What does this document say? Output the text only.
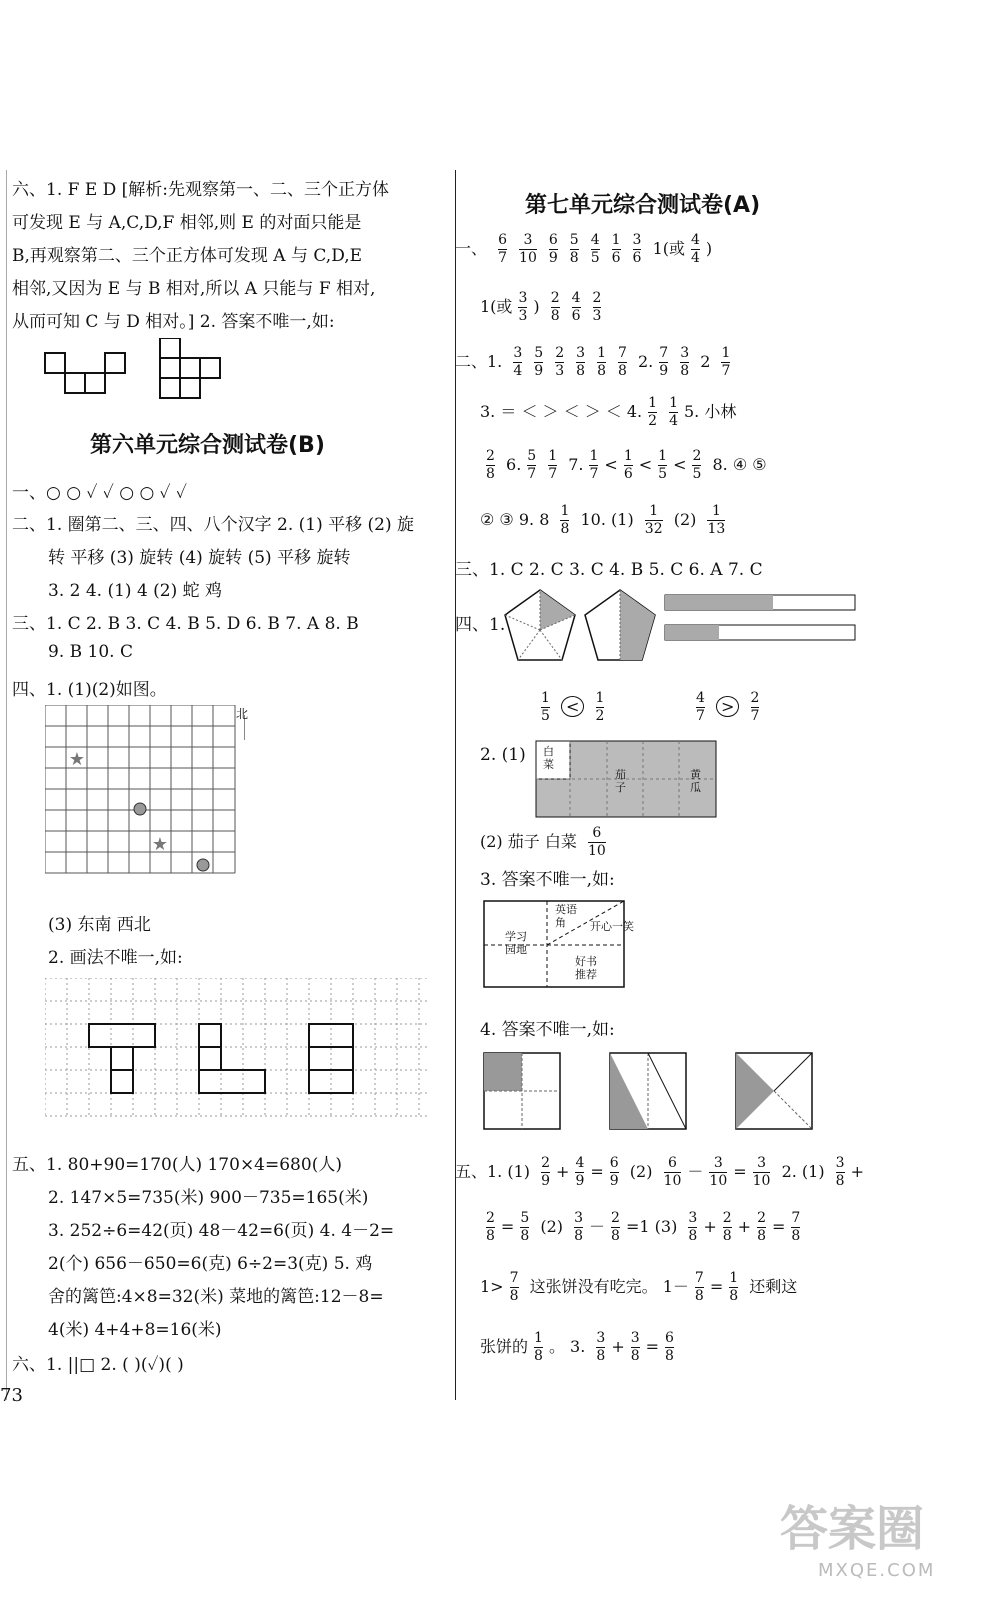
六、1. F E D [解析:先观察第一、二、三个正方体
可发现 E 与 A,C,D,F 相邻,则 E 的对面只能是
B,再观察第二、三个正方体可发现 A 与 C,D,E
相邻,又因为 E 与 B 相对,所以 A 只能与 F 相对,
从而可知 C 与 D 相对。] 2. 答案不唯一,如:
第六单元综合测试卷(B)
一、○ ○ ✓ ✓ ○ ○ ✓ ✓
二、1. 圈第二、三、四、八个汉字 2. (1) 平移 (2) 旋
转 平移 (3) 旋转 (4) 旋转 (5) 平移 旋转
3. 2 4. (1) 4 (2) 蛇 鸡
三、1. C 2. B 3. C 4. B 5. D 6. B 7. A 8. B
9. B 10. C
四、1. (1)(2)如图。
★
★
北
(3) 东南 西北
2. 画法不唯一,如:
五、1. 80+90=170(人) 170×4=680(人)
2. 147×5=735(米) 900－735=165(米)
3. 252÷6=42(页) 48－42=6(页) 4. 4－2=
2(个) 656－650=6(克) 6÷2=3(克) 5. 鸡
舍的篱笆:4×8=32(米) 菜地的篱笆:12－8=
4(米) 4+4+8=16(米)
六、1. ||□ 2. ( )(✓)( )
73
第七单元综合测试卷(A)
一、 $\frac{6}{7} \frac{3}{10} \frac{6}{9} \frac{5}{8} \frac{4}{5} \frac{1}{6} \frac{3}{6} 1$(或 $\frac{4}{4}$ )
1(或 $\frac{3}{3}$ ) $\frac{2}{8} \frac{4}{6} \frac{2}{3}$
二、1. $\frac{3}{4} \frac{5}{9} \frac{2}{3} \frac{3}{8} \frac{1}{8} \frac{7}{8} 2$. $\frac{7}{9} \frac{3}{8} 2 \frac{1}{7}$
3. ＝ ＜ ＞ ＜ ＞ ＜ 4. $\frac{1}{2} \frac{1}{4} 5$. 小林
$\frac{2}{8} 6$. $\frac{5}{7} \frac{1}{7} 7$. $\frac{1}{7} < \frac{1}{6} < \frac{1}{5} < \frac{2}{5} 8$. ④ ⑤
② ③ 9. $8 \frac{1}{8} 10$. $(1) \frac{1}{32} (2) \frac{1}{13}$
三、1. C 2. C 3. C 4. B 5. C 6. A 7. C
四、1.
$\frac{1}{5} < \frac{1}{2}$	$\frac{4}{7} > \frac{2}{7}$
2. (1) 白菜
茄子
黄瓜
(2) 茄子 白菜 $\frac{6}{10}$
3. 答案不唯一,如:
英语角	开心一笑
学习园地
好书推荐
4. 答案不唯一,如:
五、1. $(1) \frac{2}{9} + \frac{4}{9} = \frac{6}{9} (2) \frac{6}{10} - \frac{3}{10} = \frac{3}{10} 2$. $(1) \frac{3}{8}$ +
$\frac{2}{8} = \frac{5}{8} (2) \frac{3}{8} - \frac{2}{8} =1$ $(3) \frac{3}{8} + \frac{2}{8} + \frac{2}{8} = \frac{7}{8}$
$1> \frac{7}{8}$ 这张饼没有吃完。 $1- \frac{7}{8} = \frac{1}{8}$ 还剩这
张饼的 $\frac{1}{8}$ 。 3. $\frac{3}{8} + \frac{3}{8} = \frac{6}{8}$
答案圈
MXQE.COM
